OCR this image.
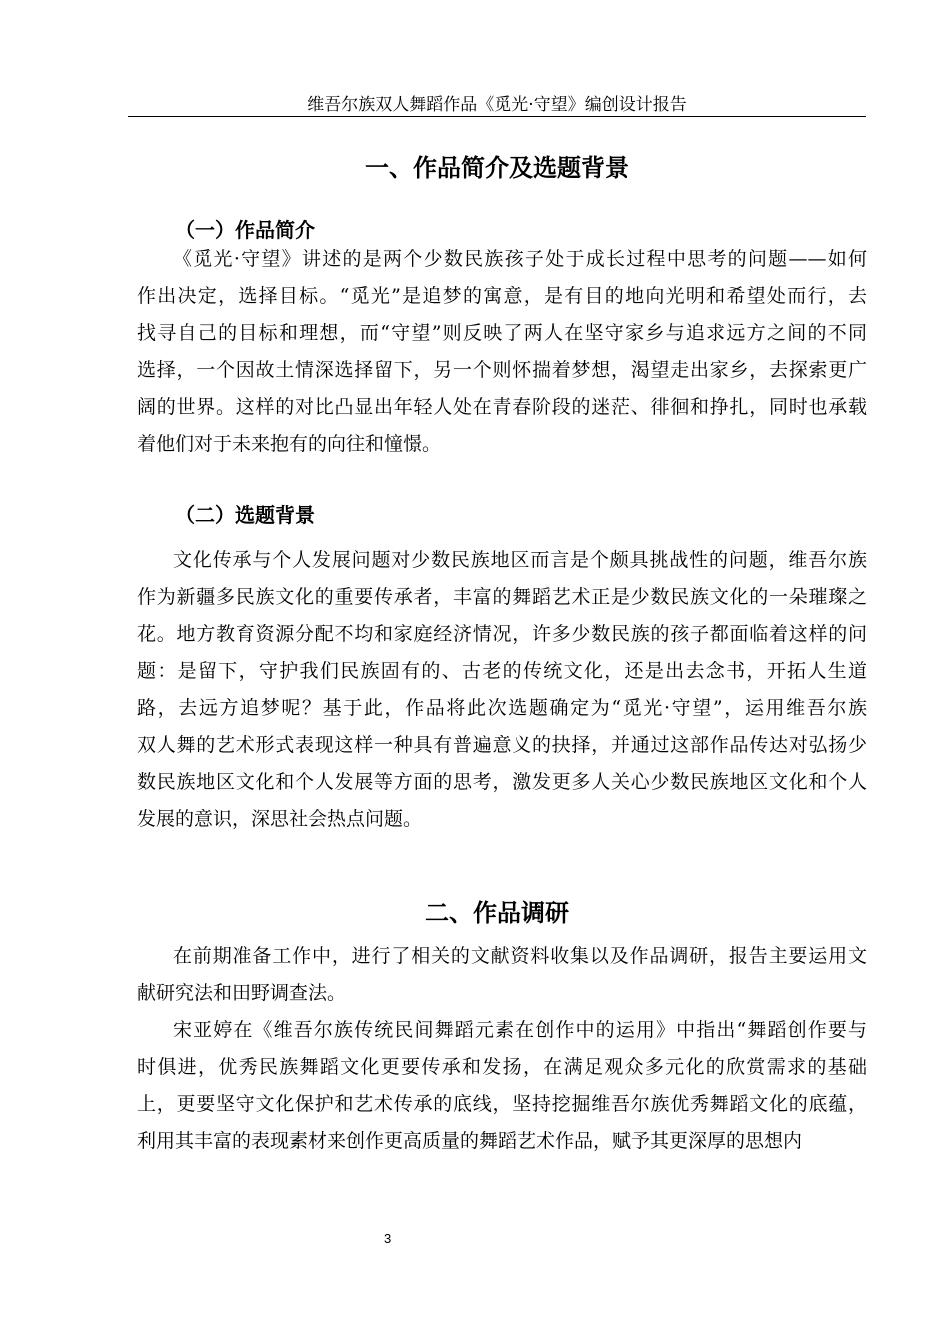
维吾尔族双人舞蹈作品《觅光·守望》编创设计报告
一、作品简介及选题背景
（一）作品简介
《觅光·守望》讲述的是两个少数民族孩子处于成长过程中思考的问题——如何
作出决定，选择目标。“觅光”是追梦的寓意，是有目的地向光明和希望处而行，去
找寻自己的目标和理想，而“守望”则反映了两人在坚守家乡与追求远方之间的不同
选择，一个因故土情深选择留下，另一个则怀揣着梦想，渴望走出家乡，去探索更广
阔的世界。这样的对比凸显出年轻人处在青春阶段的迷茫、徘徊和挣扎，同时也承载
着他们对于未来抱有的向往和憧憬。
（二）选题背景
文化传承与个人发展问题对少数民族地区而言是个颇具挑战性的问题，维吾尔族
作为新疆多民族文化的重要传承者，丰富的舞蹈艺术正是少数民族文化的一朵璀璨之
花。地方教育资源分配不均和家庭经济情况，许多少数民族的孩子都面临着这样的问
题：是留下，守护我们民族固有的、古老的传统文化，还是出去念书，开拓人生道
路，去远方追梦呢？基于此，作品将此次选题确定为“觅光·守望”，运用维吾尔族
双人舞的艺术形式表现这样一种具有普遍意义的抉择，并通过这部作品传达对弘扬少
数民族地区文化和个人发展等方面的思考，激发更多人关心少数民族地区文化和个人
发展的意识，深思社会热点问题。
二、作品调研
在前期准备工作中，进行了相关的文献资料收集以及作品调研，报告主要运用文
献研究法和田野调查法。
宋亚婷在《维吾尔族传统民间舞蹈元素在创作中的运用》中指出“舞蹈创作要与
时俱进，优秀民族舞蹈文化更要传承和发扬，在满足观众多元化的欣赏需求的基础
上，更要坚守文化保护和艺术传承的底线，坚持挖掘维吾尔族优秀舞蹈文化的底蕴，
利用其丰富的表现素材来创作更高质量的舞蹈艺术作品，赋予其更深厚的思想内
3
